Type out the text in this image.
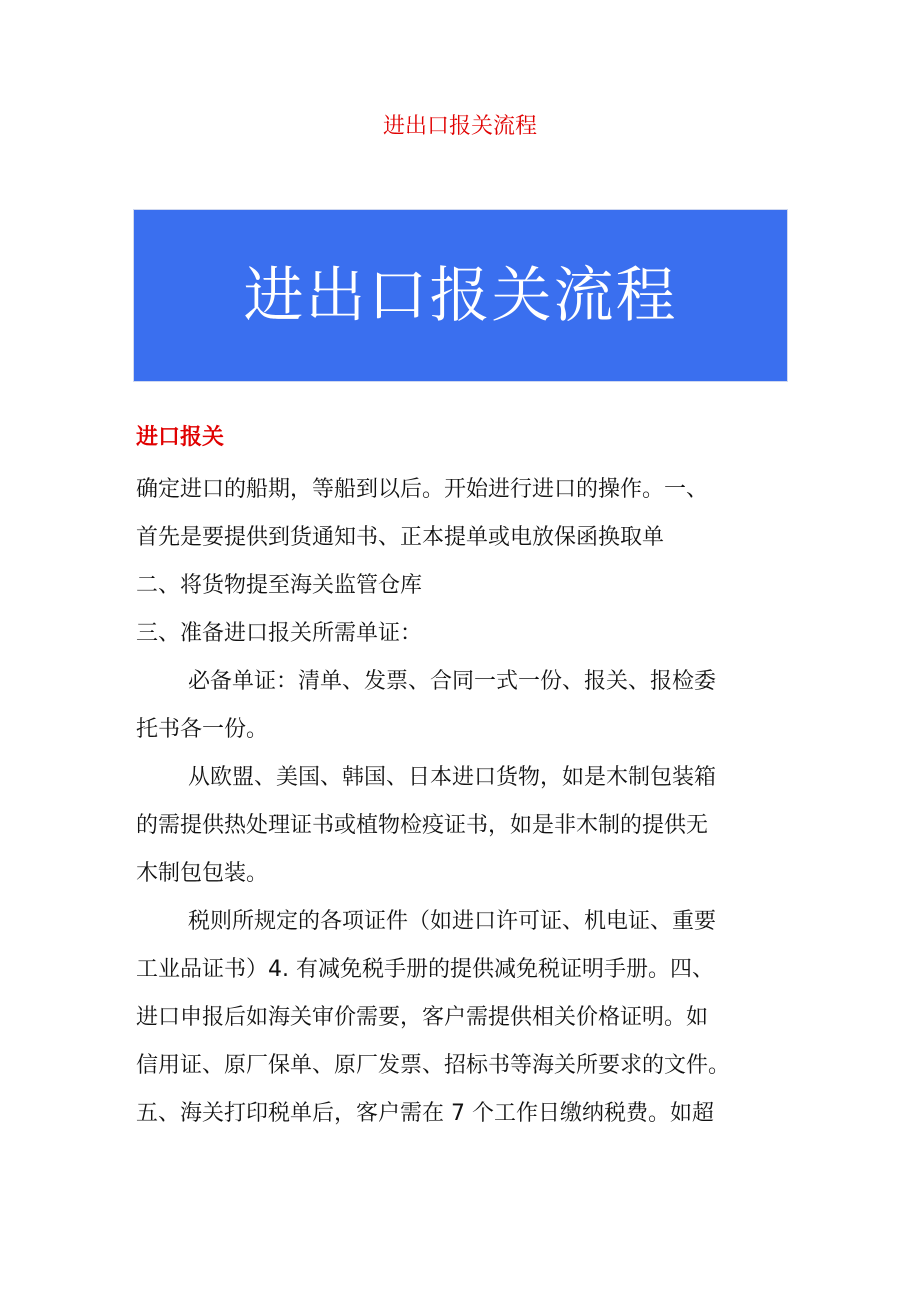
进出口报关流程
进出口报关流程
进口报关

确定进口的船期，等船到以后。开始进行进口的操作。一、

首先是要提供到货通知书、正本提单或电放保函换取单

二、将货物提至海关监管仓库

三、准备进口报关所需单证：

必备单证：清单、发票、合同一式一份、报关、报检委

托书各一份。

从欧盟、美国、韩国、日本进口货物，如是木制包装箱

的需提供热处理证书或植物检疫证书，如是非木制的提供无

木制包包装。

税则所规定的各项证件（如进口许可证、机电证、重要

工业品证书）4. 有减免税手册的提供减免税证明手册。四、

进口申报后如海关审价需要，客户需提供相关价格证明。如

信用证、原厂保单、原厂发票、招标书等海关所要求的文件。

五、海关打印税单后，客户需在 7 个工作日缴纳税费。如超
